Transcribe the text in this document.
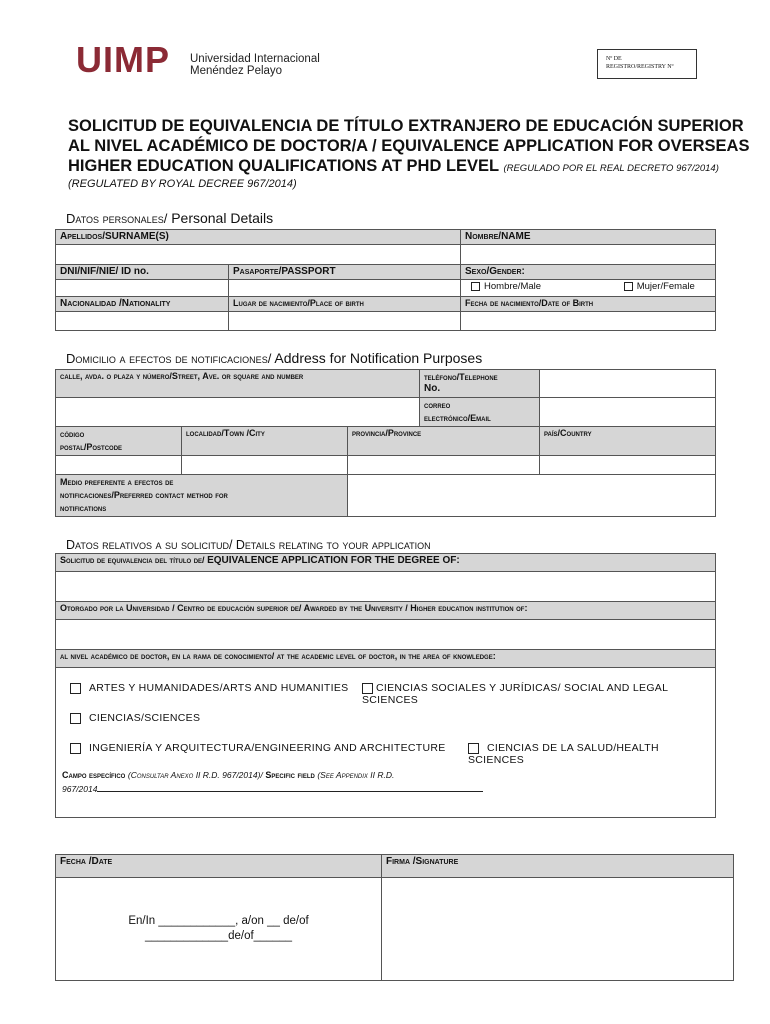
UIMP Universidad Internacional
Menéndez Pelayo
Nº DE
REGISTRO/REGISTRY Nº
SOLICITUD DE EQUIVALENCIA DE TÍTULO EXTRANJERO DE EDUCACIÓN SUPERIOR
AL NIVEL ACADÉMICO DE DOCTOR/A / EQUIVALENCE APPLICATION FOR OVERSEAS
HIGHER EDUCATION QUALIFICATIONS AT PHD LEVEL (REGULADO POR EL REAL DECRETO 967/2014)
(REGULATED BY ROYAL DECREE 967/2014)
Datos personales/ Personal Details
Apellidos/SURNAME(S)		Nombre/NAME

DNI/NIF/NIE/ ID no.	Pasaporte/PASSPORT	Sexo/Gender:
		Hombre/Male Mujer/Female
Nacionalidad /Nationality	Lugar de nacimiento/Place of birth	Fecha de nacimiento/Date of Birth

Domicilio a efectos de notificaciones/ Address for Notification Purposes
calle, avda. o plaza y número/Street, Ave. or square and number			teléfono/Telephone
No.	

			correo
electrónico/Email	

código
postal/Postcode	localidad/Town /City	provincia/Province		país/Country

Medio preferente a efectos de
notificaciones/Preferred contact method for
notifications				

Datos relativos a su solicitud/ Details relating to your application
Solicitud de equivalencia del título de/ EQUIVALENCE APPLICATION FOR THE DEGREE OF:

Otorgado por la Universidad / Centro de educación superior de/ Awarded by the University / Higher education institution of:

al nivel académico de doctor, en la rama de conocimiento/ at the academic level of doctor, in the area of knowledge:

ARTES Y HUMANIDADES/ARTS AND HUMANITIES	CIENCIAS SOCIALES Y JURÍDICAS/ SOCIAL AND LEGAL SCIENCES
CIENCIAS/SCIENCES
INGENIERÍA Y ARQUITECTURA/ENGINEERING AND ARCHITECTURE	CIENCIAS DE LA SALUD/HEALTH SCIENCES
Campo específico (Consultar Anexo II R.D. 967/2014)/ Specific field (See Appendix II R.D.
967/2014
Fecha /Date	Firma /Signature

En/In ____________, a/on __ de/of
_____________de/of______	
